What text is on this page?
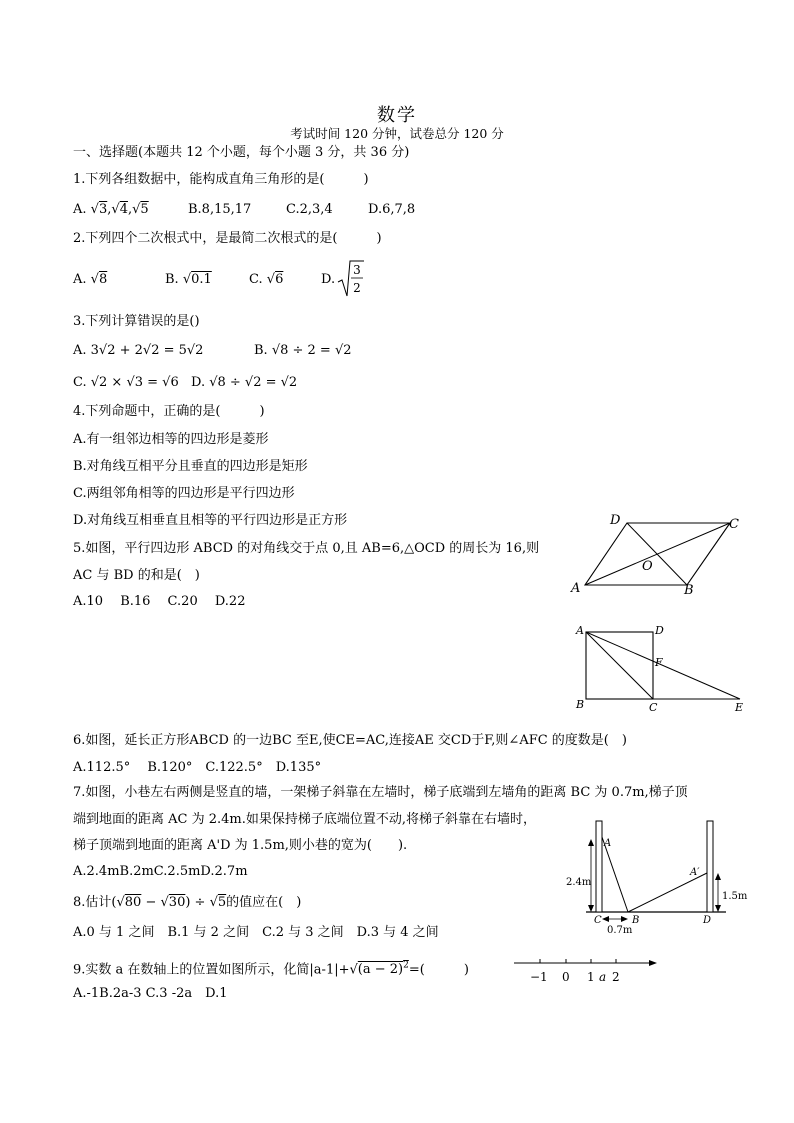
数学
考试时间 120 分钟，试卷总分 120 分
一、选择题(本题共 12 个小题，每个小题 3 分，共 36 分)
1.下列各组数据中，能构成直角三角形的是(　　　)
A. √3,√4,√5	B.8,15,17	C.2,3,4	D.6,7,8
2.下列四个二次根式中，是最简二次根式的是(　　　)
A. √8	B. √0.1	C. √6	D.
3
2
3.下列计算错误的是()
A. 3√2 + 2√2 = 5√2	B. √8 ÷ 2 = √2
C. √2 × √3 = √6 D. √8 ÷ √2 = √2
4.下列命题中，正确的是(　　　)
A.有一组邻边相等的四边形是菱形
B.对角线互相平分且垂直的四边形是矩形
C.两组邻角相等的四边形是平行四边形
D.对角线互相垂直且相等的平行四边形是正方形
5.如图，平行四边形 ABCD 的对角线交于点 0,且 AB=6,△OCD 的周长为 16,则
AC 与 BD 的和是(　)
A.10　 B.16　 C.20　 D.22
A	B
C
D
O
A	D
F
B	C	E
6.如图，延长正方形ABCD 的一边BC 至E,使CE=AC,连接AE 交CD于F,则∠AFC 的度数是(　)
A.112.5°　 B.120°　C.122.5°　D.135°
7.如图，小巷左右两侧是竖直的墙，一架梯子斜靠在左墙时，梯子底端到左墙角的距离 BC 为 0.7m,梯子顶
端到地面的距离 AC 为 2.4m.如果保持梯子底端位置不动,将梯子斜靠在右墙时，
梯子顶端到地面的距离 A'D 为 1.5m,则小巷的宽为(　　).
A.2.4mB.2mC.2.5mD.2.7m
A
A′
C	B	D
2.4m
1.5m
0.7m
8.估计(√80 − √30) ÷ √5的值应在(　)
A.0 与 1 之间　B.1 与 2 之间　C.2 与 3 之间　D.3 与 4 之间
9.实数 a 在数轴上的位置如图所示，化简$|a-1|+√(a - 2)^2=$(　　　)
A.-1B.2a-3 C.3 -2a　D.1
−1 0 1 a 2
